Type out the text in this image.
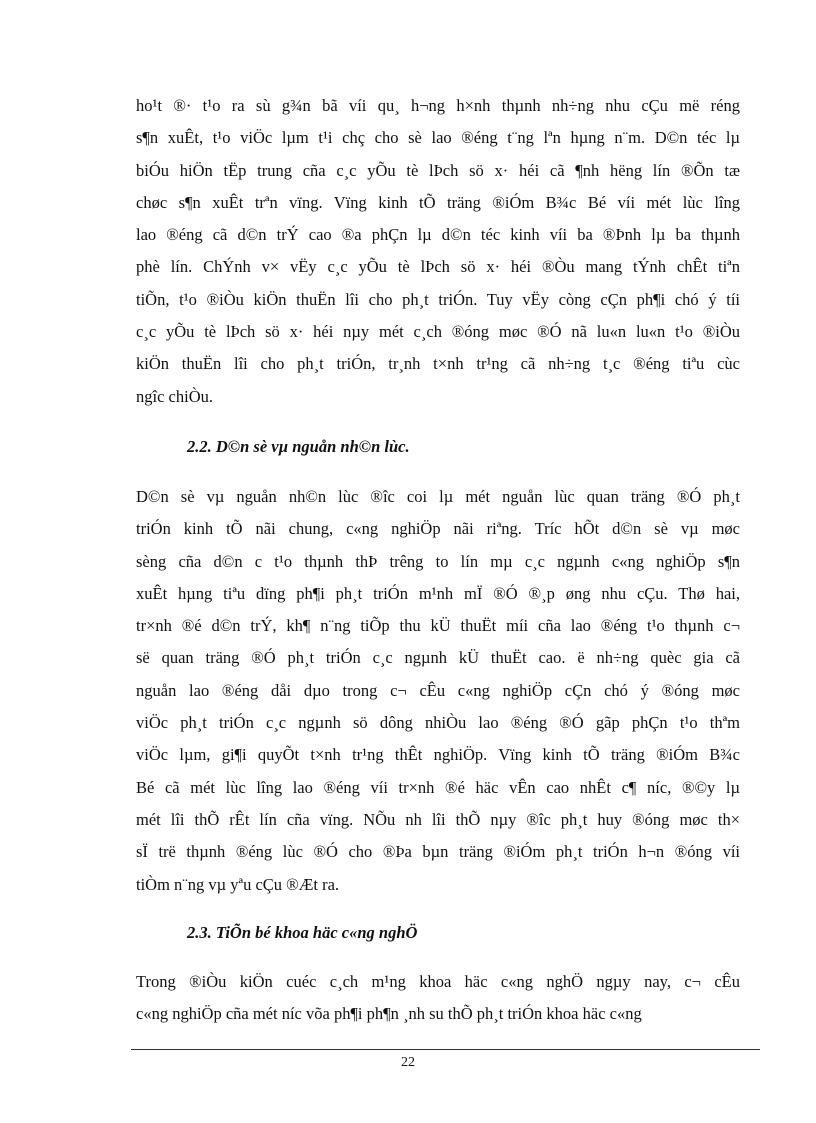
ho¹t ®· t¹o ra sù g¾n bã víi qu¸ h¬ng h×nh thµnh nh÷ng nhu cÇu më réng
s¶n xuÊt, t¹o viÖc lµm t¹i chç cho sè lao ®éng t¨ng lªn hµng n¨m. D©n téc lµ
biÓu hiÖn tËp trung cña c¸c yÕu tè lÞch sö x· héi cã ¶nh hëng lín ®Õn tæ
chøc s¶n xuÊt trªn vïng. Vïng kinh tÕ träng ®iÓm B¾c Bé víi mét lùc lîng
lao ®éng cã d©n trÝ cao ®a phÇn lµ d©n téc kinh víi ba ®Þnh lµ ba thµnh
phè lín. ChÝnh v× vËy c¸c yÕu tè lÞch sö x· héi ®Òu mang tÝnh chÊt tiªn
tiÕn, t¹o ®iÒu kiÖn thuËn lîi cho ph¸t triÓn. Tuy vËy còng cÇn ph¶i chó ý tíi
c¸c yÕu tè lÞch sö x· héi nµy mét c¸ch ®óng møc ®Ó nã lu«n lu«n t¹o ®iÒu
kiÖn thuËn lîi cho ph¸t triÓn, tr¸nh t×nh tr¹ng cã nh÷ng t¸c ®éng tiªu cùc
ngîc chiÒu.
2.2. D©n sè vµ nguån nh©n lùc.
D©n sè vµ nguån nh©n lùc ®îc coi lµ mét nguån lùc quan träng ®Ó ph¸t
triÓn kinh tÕ nãi chung, c«ng nghiÖp nãi riªng. Tríc hÕt d©n sè vµ møc
sèng cña d©n c t¹o thµnh thÞ trêng to lín mµ c¸c ngµnh c«ng nghiÖp s¶n
xuÊt hµng tiªu dïng ph¶i ph¸t triÓn m¹nh mÏ ®Ó ®¸p øng nhu cÇu. Thø hai,
tr×nh ®é d©n trÝ, kh¶ n¨ng tiÕp thu kÜ thuËt míi cña lao ®éng t¹o thµnh c¬
së quan träng ®Ó ph¸t triÓn c¸c ngµnh kÜ thuËt cao. ë nh÷ng quèc gia cã
nguån lao ®éng dåi dµo trong c¬ cÊu c«ng nghiÖp cÇn chó ý ®óng møc
viÖc ph¸t triÓn c¸c ngµnh sö dông nhiÒu lao ®éng ®Ó gãp phÇn t¹o thªm
viÖc lµm, gi¶i quyÕt t×nh tr¹ng thÊt nghiÖp. Vïng kinh tÕ träng ®iÓm B¾c
Bé cã mét lùc lîng lao ®éng víi tr×nh ®é häc vÊn cao nhÊt c¶ níc, ®©y lµ
mét lîi thÕ rÊt lín cña vïng. NÕu nh lîi thÕ nµy ®îc ph¸t huy ®óng møc th×
sÏ trë thµnh ®éng lùc ®Ó cho ®Þa bµn träng ®iÓm ph¸t triÓn h¬n ®óng víi
tiÒm n¨ng vµ yªu cÇu ®Æt ra.
2.3. TiÕn bé khoa häc c«ng nghÖ
Trong ®iÒu kiÖn cuéc c¸ch m¹ng khoa häc c«ng nghÖ ngµy nay, c¬ cÊu
c«ng nghiÖp cña mét níc võa ph¶i ph¶n ¸nh su thÕ ph¸t triÓn khoa häc c«ng
22
